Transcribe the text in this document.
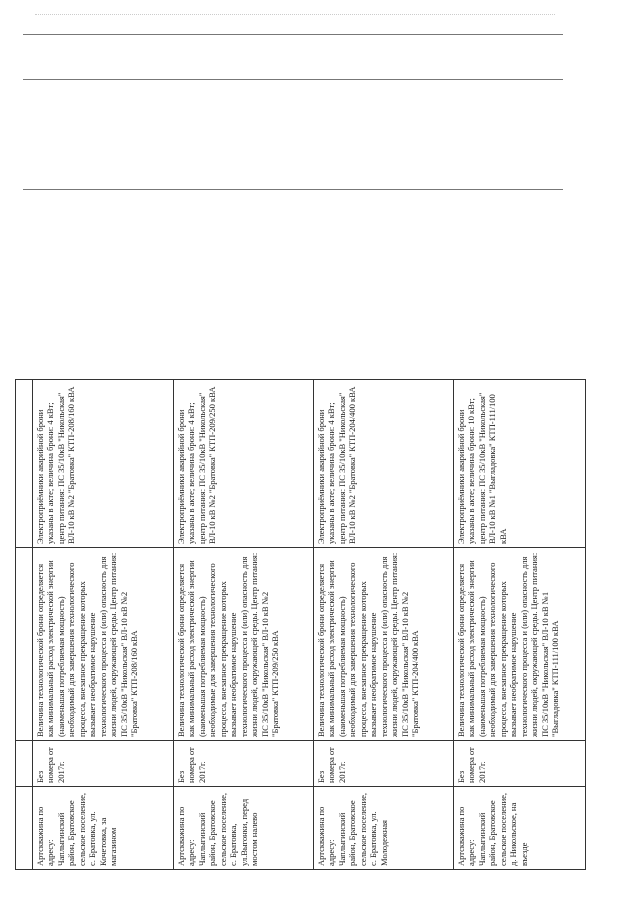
Артскважина по адресу: Чаплыгинский район, Братовское сельское поселение, с. Братовка, ул. Кочетовка, за магазином	Без номера от 2017г.	Величина технологической брони определяется как минимальный расход электрической энергии (наименьшая потребляемая мощность) необходимый для завершения технологического процесса, внезапное прекращение которых вызывает необратимое нарушение технологического процесса и (или) опасность для жизни людей, окружающей среды. Центр питания: ПС 35/10кВ "Никольская" ВЛ-10 кВ №2 "Братовка" КТП-208/160 кВА	Электроприёмники аварийной брони указаны в акте; величина брони: 4 кВт; центр питания: ПС 35/10кВ "Никольская" ВЛ-10 кВ №2 "Братовка" КТП-208/160 кВА
Артскважина по адресу: Чаплыгинский район, Братовское сельское поселение, с. Братовка, ул.Выгонки, перед мостом налево	Без номера от 2017г.	Величина технологической брони определяется как минимальный расход электрической энергии (наименьшая потребляемая мощность) необходимые для завершения технологического процесса, внезапное прекращение которых вызывает необратимое нарушение технологического процесса и (или) опасность для жизни людей, окружающей среды. Центр питания: ПС 35/10кВ "Никольская" ВЛ-10 кВ №2 "Братовка" КТП-209/250 кВА	Электроприёмники аварийной брони указаны в акте; величина брони: 4 кВт; центр питания: ПС 35/10кВ "Никольская" ВЛ-10 кВ №2 "Братовка" КТП-209/250 кВА
Артскважина по адресу: Чаплыгинский район, Братовское сельское поселение, с. Братовка, ул. Молодежная	Без номера от 2017г.	Величина технологической брони определяется как минимальный расход электрической энергии (наименьшая потребляемая мощность) необходимый для завершения технологического процесса, внезапное прекращение которых вызывает необратимое нарушение технологического процесса и (или) опасность для жизни людей, окружающей среды. Центр питания: ПС 35/10кВ "Никольская" ВЛ-10 кВ №2 "Братовка" КТП-204/400 кВА	Электроприёмники аварийной брони указаны в акте; величина брони: 4 кВт; центр питания: ПС 35/10кВ "Никольская" ВЛ-10 кВ №2 "Братовка" КТП-204/400 кВА
Артскважина по адресу: Чаплыгинский район, Братовское сельское поселение, д. Никольское, на въезде	Без номера от 2017г.	Величина технологической брони определяется как минимальный расход электрической энергии (наименьшая потребляемая мощность) необходимый для завершения технологического процесса, внезапное прекращение которых вызывает необратимое нарушение технологического процесса и (или) опасность для жизни людей, окружающей среды. Центр питания: ПС 35/10кВ "Никольская" ВЛ-10 кВ №1 "Выгладовка" КТП-111/100 кВА	Электроприёмники аварийной брони указаны в акте; величина брони: 10 кВт; центр питания: ПС 35/10кВ "Никольская" ВЛ-10 кВ №1 "Выгладовка" КТП-111/100 кВА
